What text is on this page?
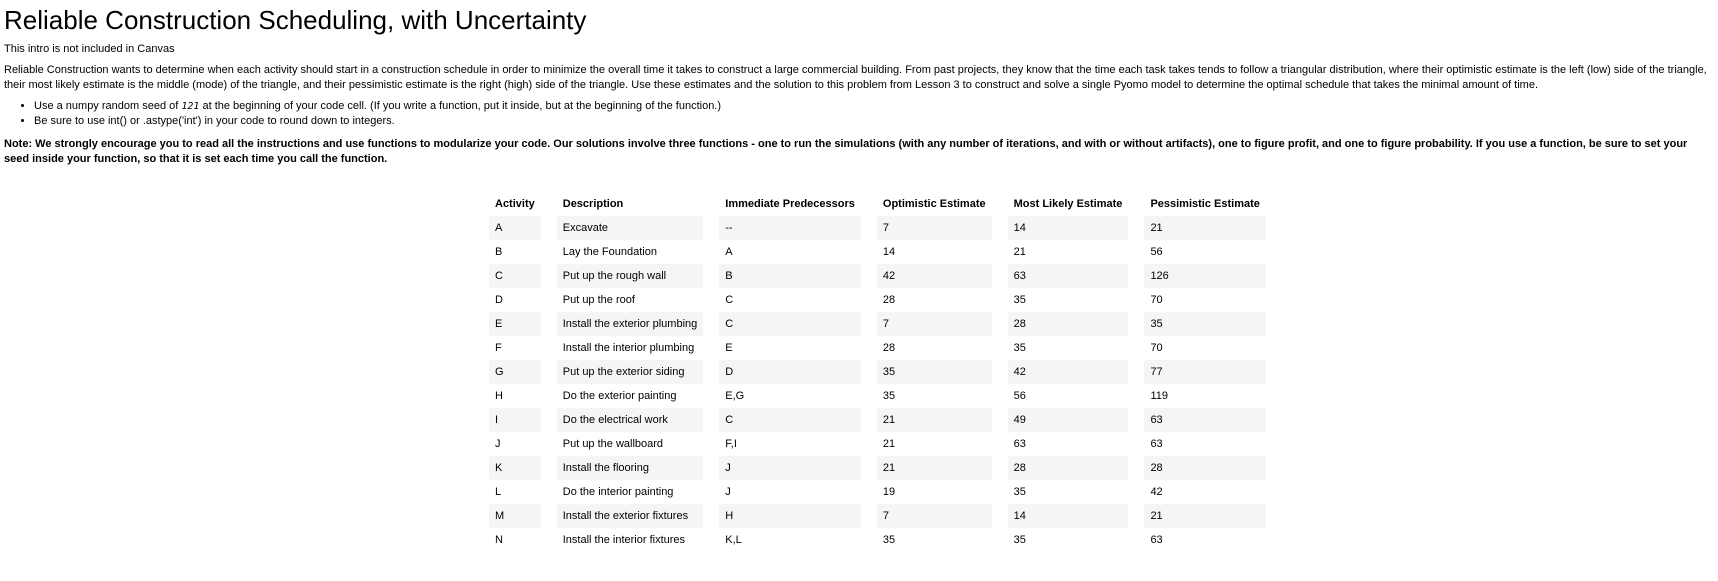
Reliable Construction Scheduling, with Uncertainty

This intro is not included in Canvas

Reliable Construction wants to determine when each activity should start in a construction schedule in order to minimize the overall time it takes to construct a large commercial building. From past projects, they know that the time each task takes tends to follow a triangular distribution, where their optimistic estimate is the left (low) side of the triangle, their most likely estimate is the middle (mode) of the triangle, and their pessimistic estimate is the right (high) side of the triangle. Use these estimates and the solution to this problem from Lesson 3 to construct and solve a single Pyomo model to determine the optimal schedule that takes the minimal amount of time.

• Use a numpy random seed of 121 at the beginning of your code cell. (If you write a function, put it inside, but at the beginning of the function.)
• Be sure to use int() or .astype('int') in your code to round down to integers.

Note: We strongly encourage you to read all the instructions and use functions to modularize your code. Our solutions involve three functions - one to run the simulations (with any number of iterations, and with or without artifacts), one to figure profit, and one to figure probability. If you use a function, be sure to set your seed inside your function, so that it is set each time you call the function.

Activity		Description		Immediate Predecessors		Optimistic Estimate		Most Likely Estimate		Pessimistic Estimate
A		Excavate		--		7		14		21
B		Lay the Foundation		A		14		21		56
C		Put up the rough wall		B		42		63		126
D		Put up the roof		C		28		35		70
E		Install the exterior plumbing		C		7		28		35
F		Install the interior plumbing		E		28		35		70
G		Put up the exterior siding		D		35		42		77
H		Do the exterior painting		E,G		35		56		119
I		Do the electrical work		C		21		49		63
J		Put up the wallboard		F,I		21		63		63
K		Install the flooring		J		21		28		28
L		Do the interior painting		J		19		35		42
M		Install the exterior fixtures		H		7		14		21
N		Install the interior fixtures		K,L		35		35		63
